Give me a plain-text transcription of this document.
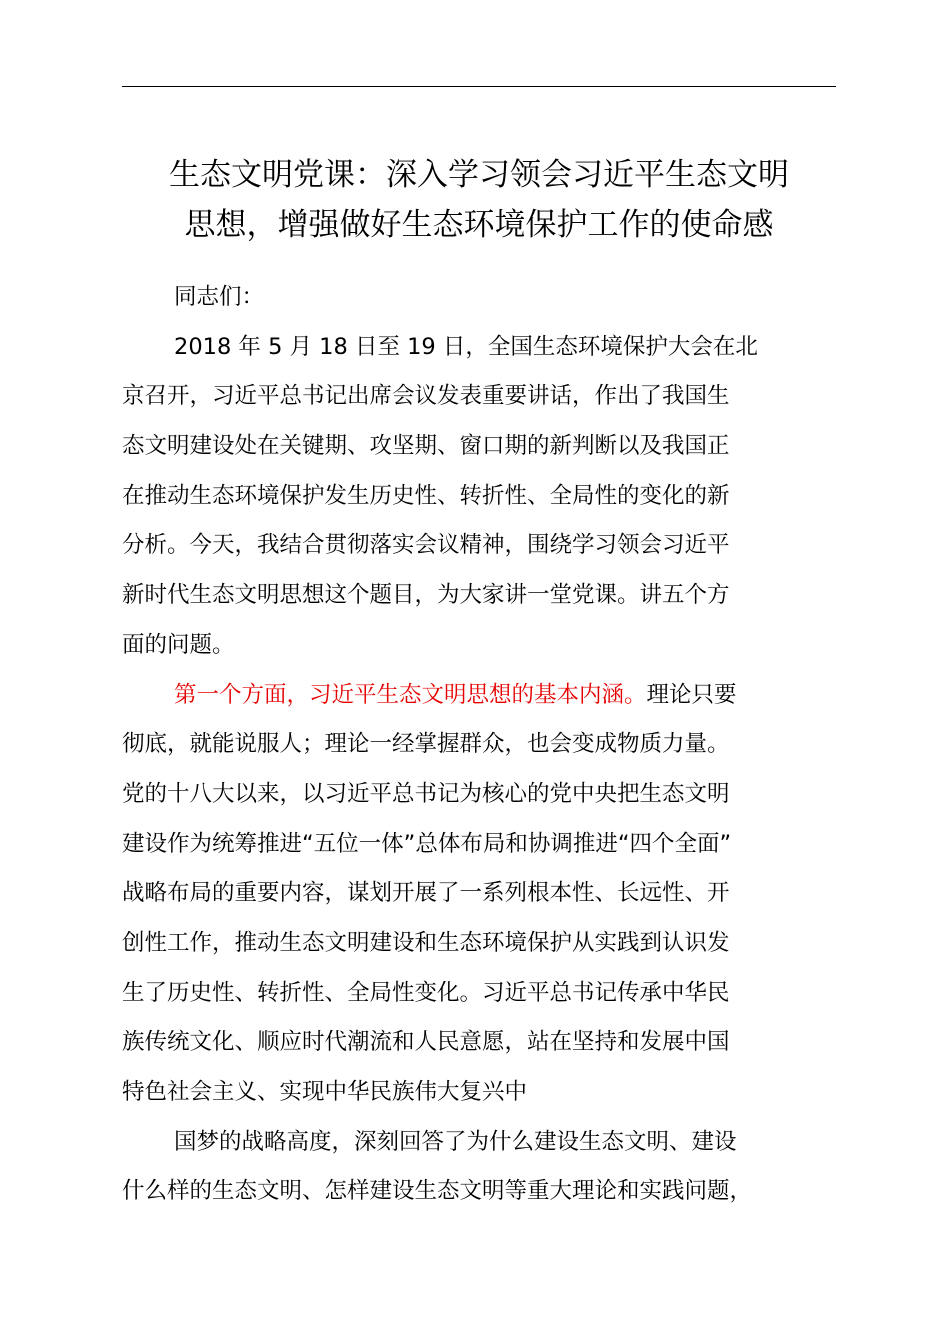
生态文明党课：深入学习领会习近平生态文明
思想，增强做好生态环境保护工作的使命感
同志们：
2018 年 5 月 18 日至 19 日，全国生态环境保护大会在北
京召开，习近平总书记出席会议发表重要讲话，作出了我国生
态文明建设处在关键期、攻坚期、窗口期的新判断以及我国正
在推动生态环境保护发生历史性、转折性、全局性的变化的新
分析。今天，我结合贯彻落实会议精神，围绕学习领会习近平
新时代生态文明思想这个题目，为大家讲一堂党课。讲五个方
面的问题。
第一个方面，习近平生态文明思想的基本内涵。理论只要
彻底，就能说服人；理论一经掌握群众，也会变成物质力量。
党的十八大以来，以习近平总书记为核心的党中央把生态文明
建设作为统筹推进“五位一体”总体布局和协调推进“四个全面”
战略布局的重要内容，谋划开展了一系列根本性、长远性、开
创性工作，推动生态文明建设和生态环境保护从实践到认识发
生了历史性、转折性、全局性变化。习近平总书记传承中华民
族传统文化、顺应时代潮流和人民意愿，站在坚持和发展中国
特色社会主义、实现中华民族伟大复兴中
国梦的战略高度，深刻回答了为什么建设生态文明、建设
什么样的生态文明、怎样建设生态文明等重大理论和实践问题，
